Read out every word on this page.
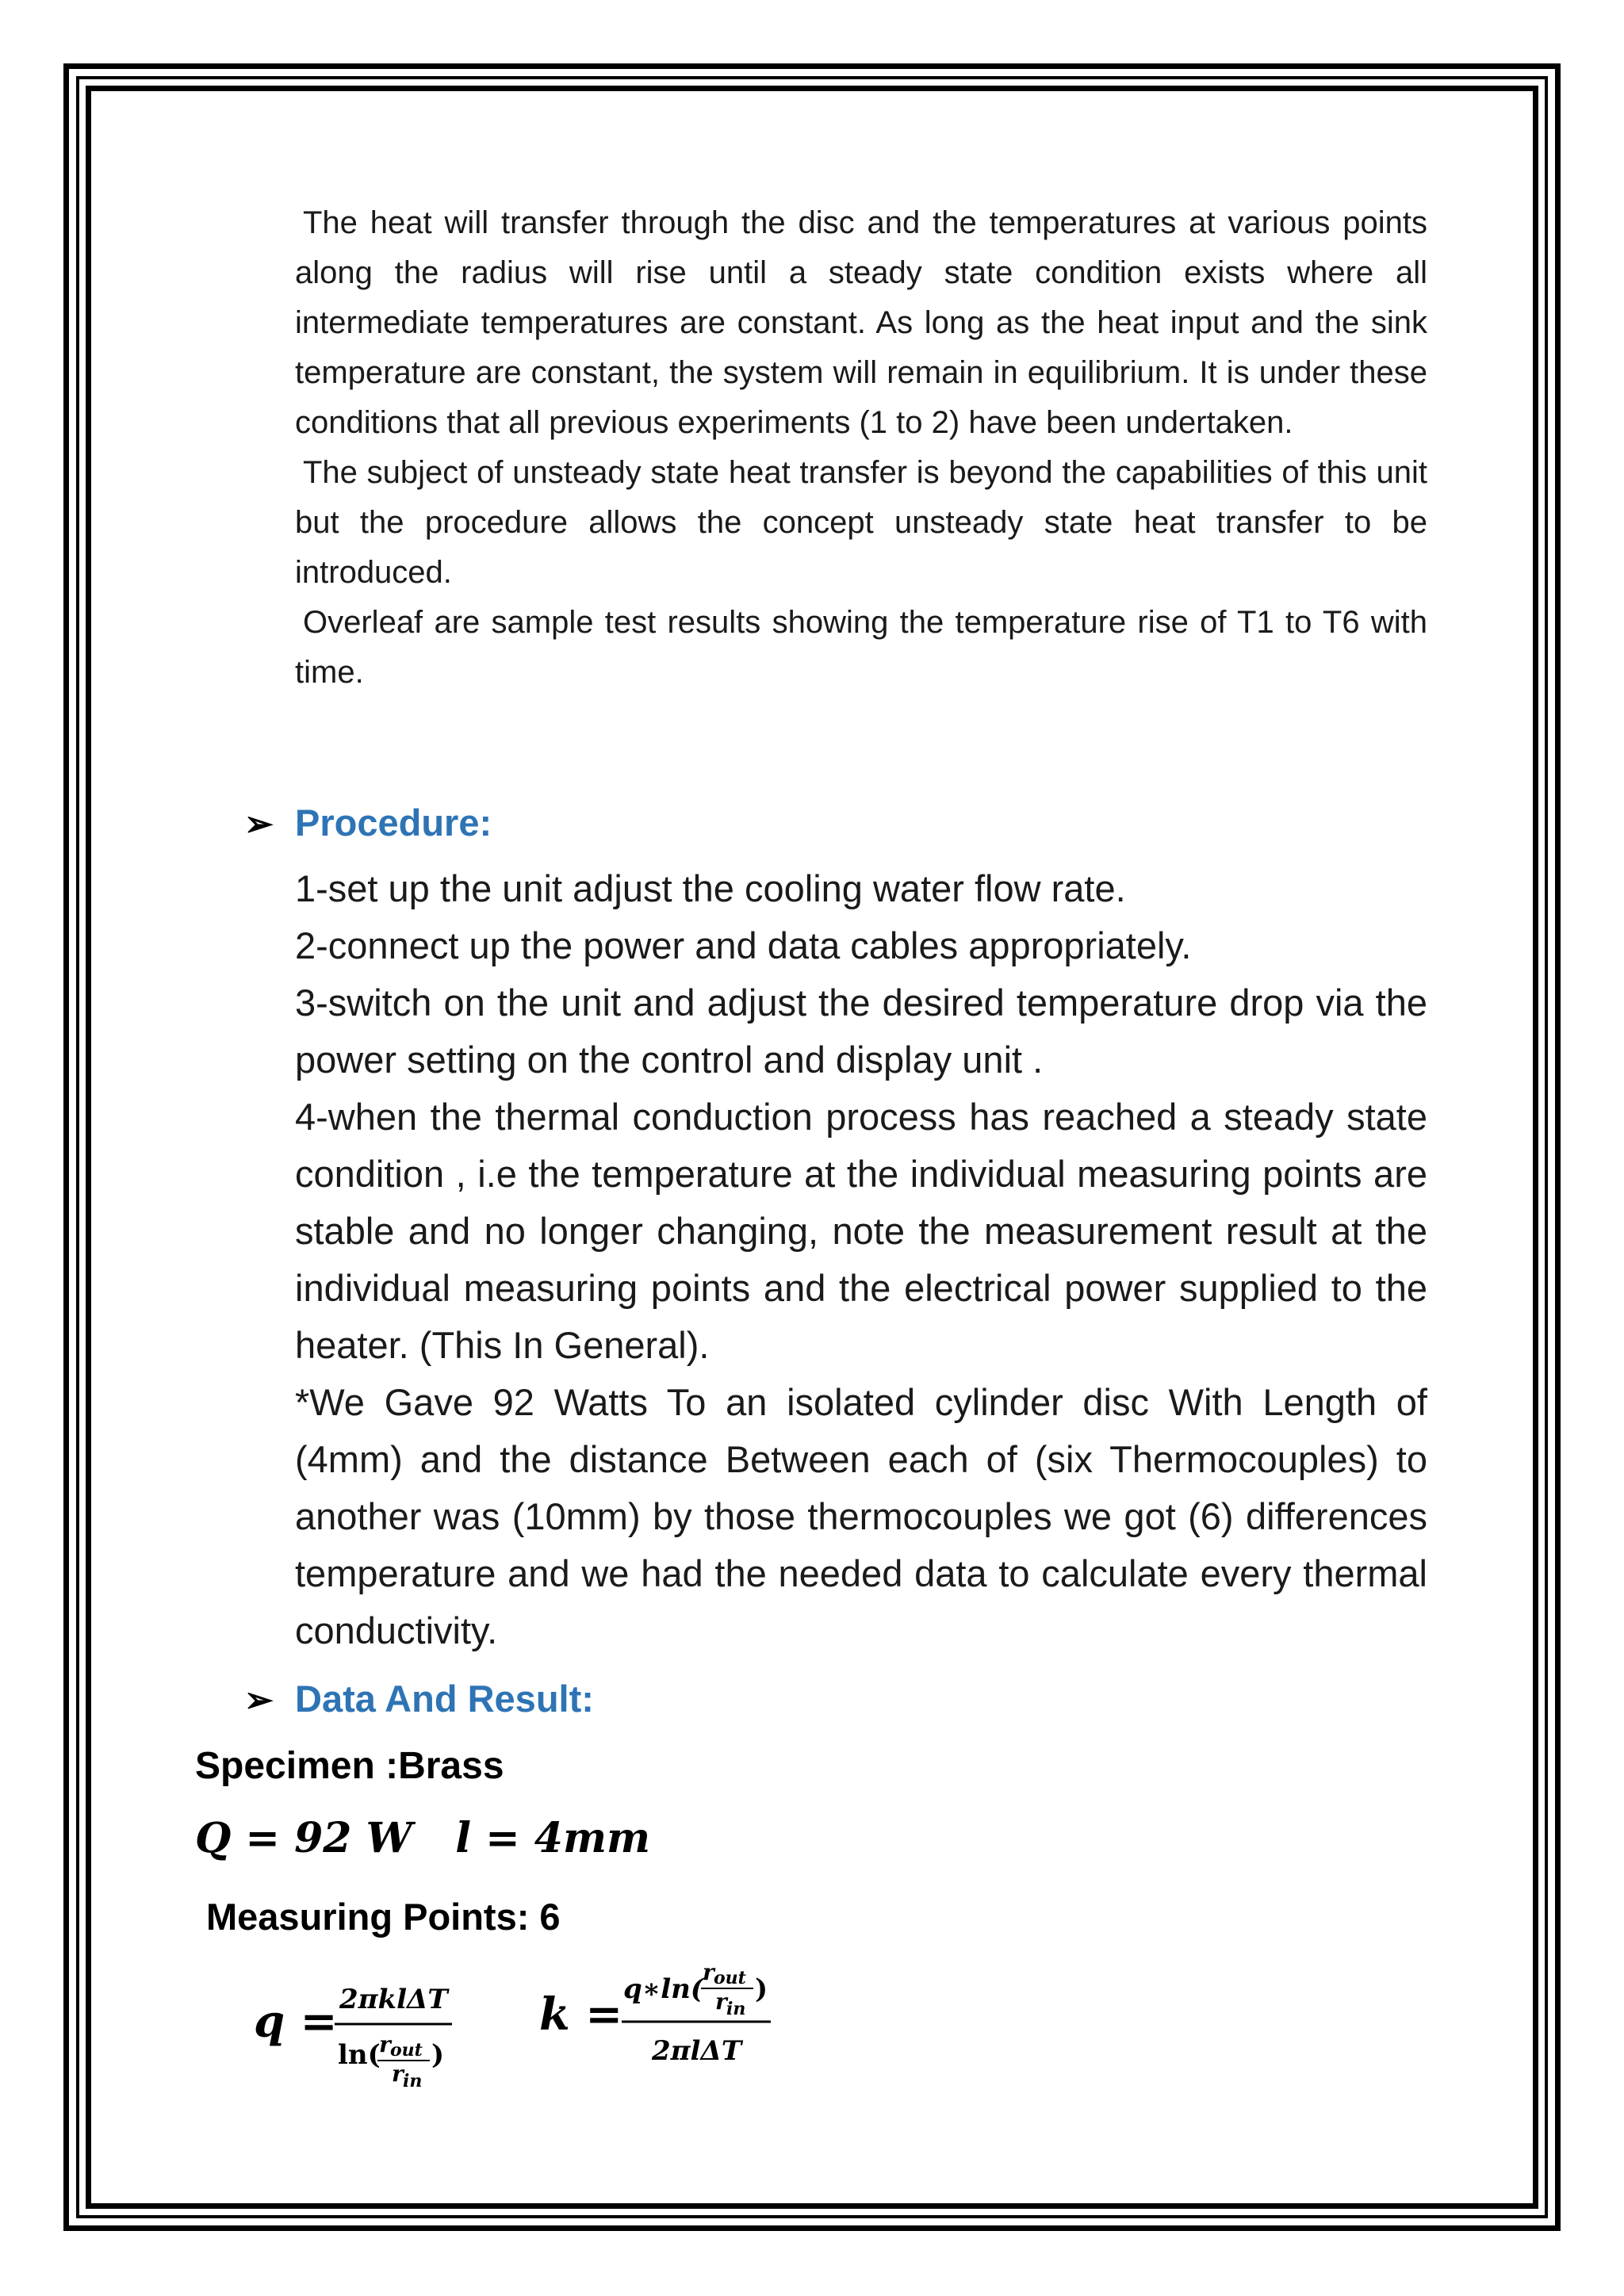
The heat will transfer through the disc and the temperatures at various points along the radius will rise until a steady state condition exists where all intermediate temperatures are constant. As long as the heat input and the sink temperature are constant, the system will remain in equilibrium. It is under these conditions that all previous experiments (1 to 2) have been undertaken.

The subject of unsteady state heat transfer is beyond the capabilities of this unit but the procedure allows the concept unsteady state heat transfer to be introduced.

Overleaf are sample test results showing the temperature rise of T1 to T6 with time.

➢ Procedure:

1-set up the unit adjust the cooling water flow rate.

2-connect up the power and data cables appropriately.

3-switch on the unit and adjust the desired temperature drop via the power setting on the control and display unit .

4-when the thermal conduction process has reached a steady state condition , i.e the temperature at the individual measuring points are stable and no longer changing, note the measurement result at the individual measuring points and the electrical power supplied to the heater. (This In General).

*We Gave 92 Watts To an isolated cylinder disc With Length of (4mm) and the distance Between each of (six Thermocouples) to another was (10mm) by those thermocouples we got (6) differences temperature and we had the needed data to calculate every thermal conductivity.

➢ Data And Result:
Specimen :Brass
Q = 92 W l = 4mm
Measuring Points: 6
q = 2πklΔT
ln(
r out
r in
)
k = q∗ln(
r out
r in
)
2πlΔT
